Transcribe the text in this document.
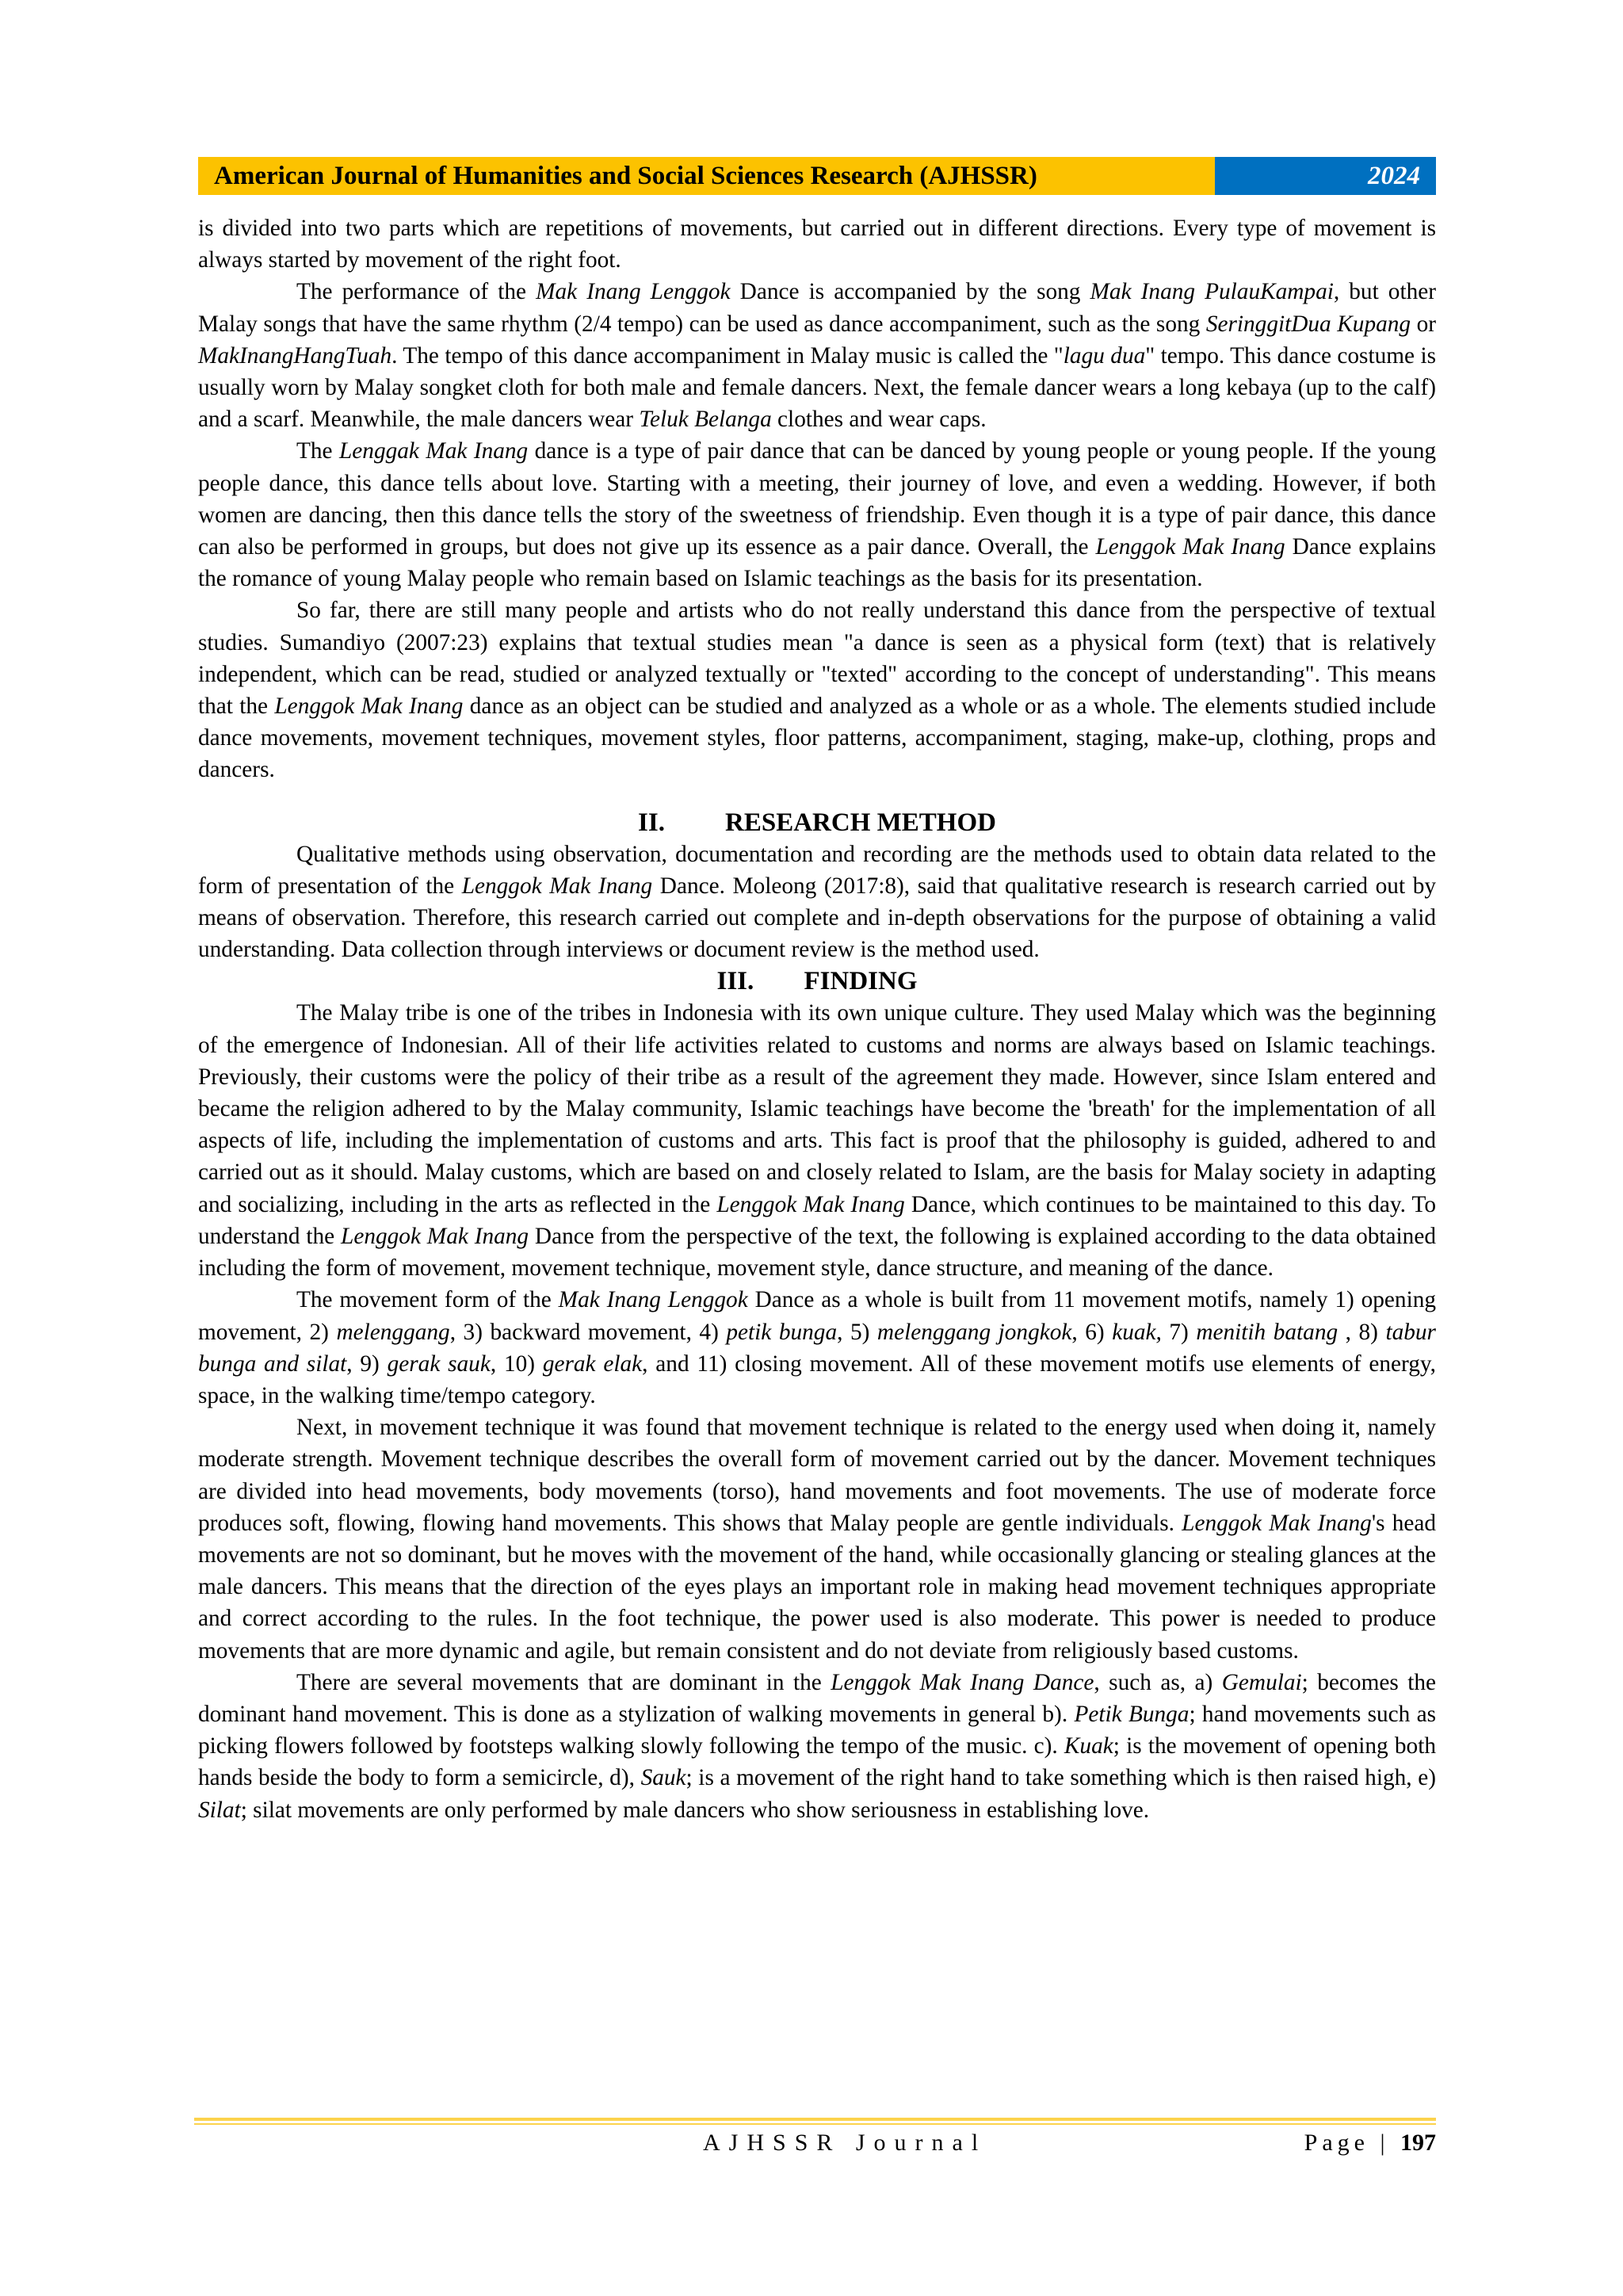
American Journal of Humanities and Social Sciences Research (AJHSSR)	2024

is divided into two parts which are repetitions of movements, but carried out in different directions. Every type of movement is always started by movement of the right foot.

The performance of the Mak Inang Lenggok Dance is accompanied by the song Mak Inang PulauKampai, but other Malay songs that have the same rhythm (2/4 tempo) can be used as dance accompaniment, such as the song SeringgitDua Kupang or MakInangHangTuah. The tempo of this dance accompaniment in Malay music is called the "lagu dua" tempo. This dance costume is usually worn by Malay songket cloth for both male and female dancers. Next, the female dancer wears a long kebaya (up to the calf) and a scarf. Meanwhile, the male dancers wear Teluk Belanga clothes and wear caps.

The Lenggak Mak Inang dance is a type of pair dance that can be danced by young people or young people. If the young people dance, this dance tells about love. Starting with a meeting, their journey of love, and even a wedding. However, if both women are dancing, then this dance tells the story of the sweetness of friendship. Even though it is a type of pair dance, this dance can also be performed in groups, but does not give up its essence as a pair dance. Overall, the Lenggok Mak Inang Dance explains the romance of young Malay people who remain based on Islamic teachings as the basis for its presentation.

So far, there are still many people and artists who do not really understand this dance from the perspective of textual studies. Sumandiyo (2007:23) explains that textual studies mean "a dance is seen as a physical form (text) that is relatively independent, which can be read, studied or analyzed textually or "texted" according to the concept of understanding". This means that the Lenggok Mak Inang dance as an object can be studied and analyzed as a whole or as a whole. The elements studied include dance movements, movement techniques, movement styles, floor patterns, accompaniment, staging, make-up, clothing, props and dancers.

II.	RESEARCH METHOD

Qualitative methods using observation, documentation and recording are the methods used to obtain data related to the form of presentation of the Lenggok Mak Inang Dance. Moleong (2017:8), said that qualitative research is research carried out by means of observation. Therefore, this research carried out complete and in-depth observations for the purpose of obtaining a valid understanding. Data collection through interviews or document review is the method used.

III.	FINDING

The Malay tribe is one of the tribes in Indonesia with its own unique culture. They used Malay which was the beginning of the emergence of Indonesian. All of their life activities related to customs and norms are always based on Islamic teachings. Previously, their customs were the policy of their tribe as a result of the agreement they made. However, since Islam entered and became the religion adhered to by the Malay community, Islamic teachings have become the 'breath' for the implementation of all aspects of life, including the implementation of customs and arts. This fact is proof that the philosophy is guided, adhered to and carried out as it should. Malay customs, which are based on and closely related to Islam, are the basis for Malay society in adapting and socializing, including in the arts as reflected in the Lenggok Mak Inang Dance, which continues to be maintained to this day. To understand the Lenggok Mak Inang Dance from the perspective of the text, the following is explained according to the data obtained including the form of movement, movement technique, movement style, dance structure, and meaning of the dance.

The movement form of the Mak Inang Lenggok Dance as a whole is built from 11 movement motifs, namely 1) opening movement, 2) melenggang, 3) backward movement, 4) petik bunga, 5) melenggang jongkok, 6) kuak, 7) menitih batang , 8) tabur bunga and silat, 9) gerak sauk, 10) gerak elak, and 11) closing movement. All of these movement motifs use elements of energy, space, in the walking time/tempo category.

Next, in movement technique it was found that movement technique is related to the energy used when doing it, namely moderate strength. Movement technique describes the overall form of movement carried out by the dancer. Movement techniques are divided into head movements, body movements (torso), hand movements and foot movements. The use of moderate force produces soft, flowing, flowing hand movements. This shows that Malay people are gentle individuals. Lenggok Mak Inang's head movements are not so dominant, but he moves with the movement of the hand, while occasionally glancing or stealing glances at the male dancers. This means that the direction of the eyes plays an important role in making head movement techniques appropriate and correct according to the rules. In the foot technique, the power used is also moderate. This power is needed to produce movements that are more dynamic and agile, but remain consistent and do not deviate from religiously based customs.

There are several movements that are dominant in the Lenggok Mak Inang Dance, such as, a) Gemulai; becomes the dominant hand movement. This is done as a stylization of walking movements in general b). Petik Bunga; hand movements such as picking flowers followed by footsteps walking slowly following the tempo of the music. c). Kuak; is the movement of opening both hands beside the body to form a semicircle, d), Sauk; is a movement of the right hand to take something which is then raised high, e) Silat; silat movements are only performed by male dancers who show seriousness in establishing love.

AJHSSR Journal	Page | 197
